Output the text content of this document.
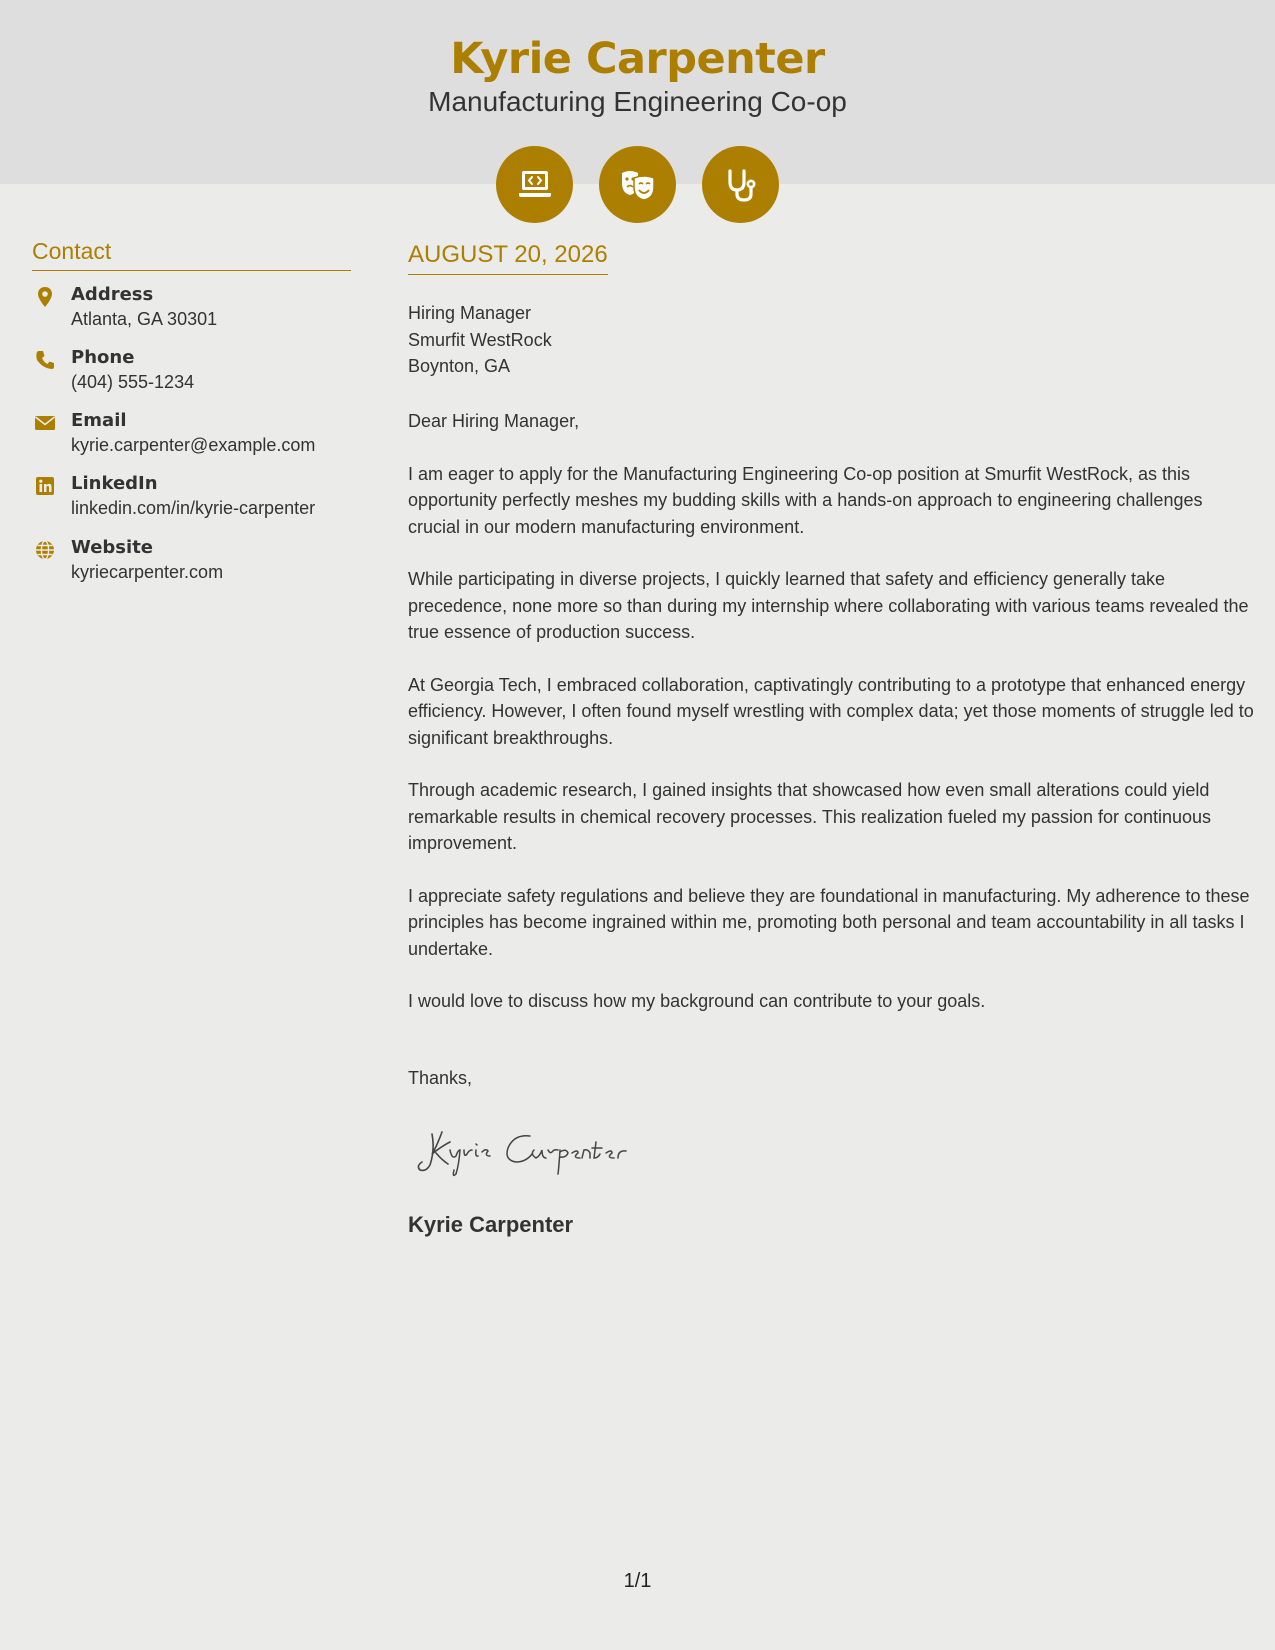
Kyrie Carpenter
Manufacturing Engineering Co-op
Contact
Address
Atlanta, GA 30301
Phone
(404) 555-1234
Email
kyrie.carpenter@example.com
LinkedIn
linkedin.com/in/kyrie-carpenter
Website
kyriecarpenter.com
AUGUST 20, 2026
Hiring Manager
Smurfit WestRock
Boynton, GA

Dear Hiring Manager,

I am eager to apply for the Manufacturing Engineering Co-op position at Smurfit WestRock, as this opportunity perfectly meshes my budding skills with a hands-on approach to engineering challenges crucial in our modern manufacturing environment.

While participating in diverse projects, I quickly learned that safety and efficiency generally take precedence, none more so than during my internship where collaborating with various teams revealed the true essence of production success.

At Georgia Tech, I embraced collaboration, captivatingly contributing to a prototype that enhanced energy efficiency. However, I often found myself wrestling with complex data; yet those moments of struggle led to significant breakthroughs.

Through academic research, I gained insights that showcased how even small alterations could yield remarkable results in chemical recovery processes. This realization fueled my passion for continuous improvement.

I appreciate safety regulations and believe they are foundational in manufacturing. My adherence to these principles has become ingrained within me, promoting both personal and team accountability in all tasks I undertake.

I would love to discuss how my background can contribute to your goals.

Thanks,
Kyrie Carpenter
1/1
